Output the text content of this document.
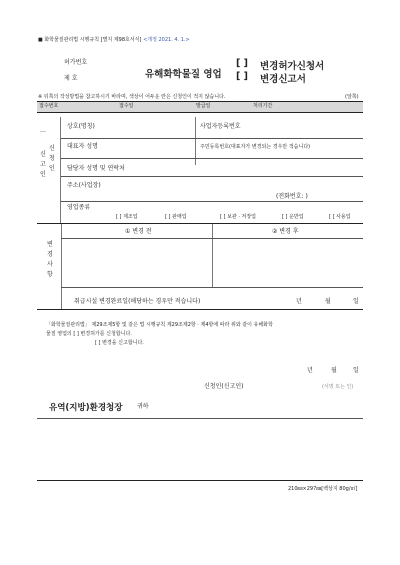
■ 화학물질관리법 시행규칙 [별지 제98호서식] <개정 2021. 4. 1.>
허가번호
제 호	유해화학물질 영업
[ ]
[ ]
변경허가신청서
변경신고서
※ 뒤쪽의 작성방법을 참고하시기 바라며, 색상이 어두운 란은 신청인이 적지 않습니다.	(앞쪽)
접수번호	접수일	발급일	처리기간
신청인
ㅡ
신고인
상호(명칭)	사업자등록번호
대표자 성명	주민등록번호(대표자가 변경되는 경우만 적습니다)
담당자 성명 및 연락처
주소(사업장)
(전화번호: )
영업종류
[ ] 제조업	[ ] 판매업	[ ] 보관 · 저장업	[ ] 운반업	[ ] 사용업
변경사항
① 변경 전	② 변경 후
취급시설 변경완료일(해당하는 경우만 적습니다)	년	월	일
「화학물질관리법」 제29조제5항 및 같은 법 시행규칙 제29조제2항 · 제4항에 따라 위와 같이 유해화학
물질 영업의 [ ] 변경허가를 신청합니다.
[ ] 변경을 신고합니다.
년	월	일
신청인(신고인)	(서명 또는 인)
유역(지방)환경청장 귀하
210㎜×297㎜[백상지 80g/㎡]
